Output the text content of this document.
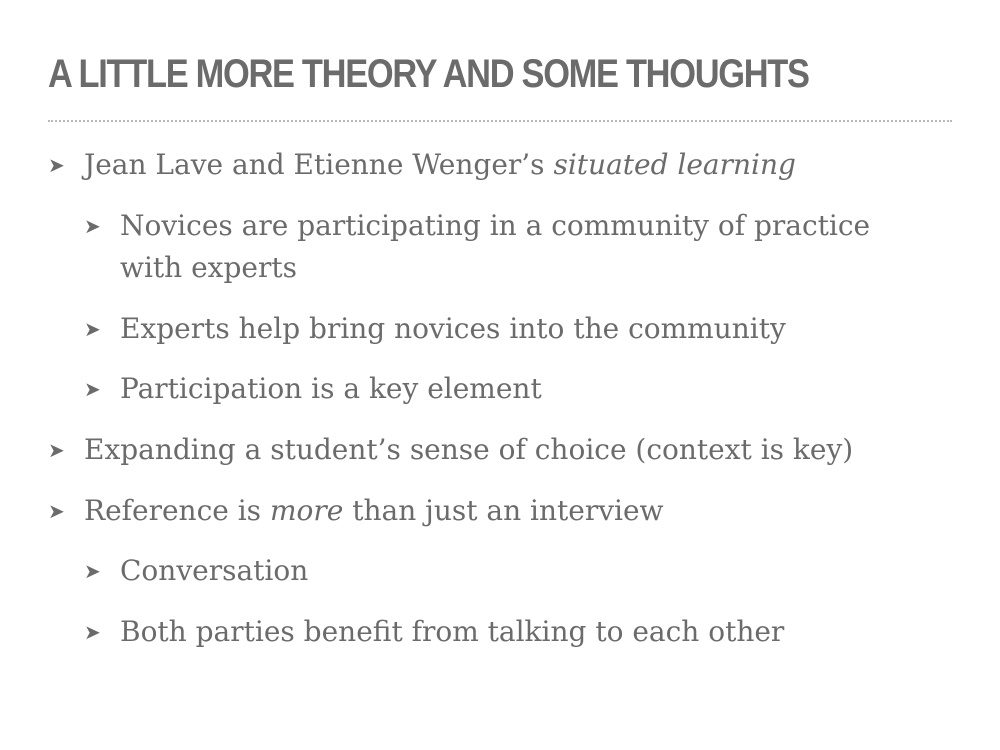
A LITTLE MORE THEORY AND SOME THOUGHTS
➤ Jean Lave and Etienne Wenger’s situated learning
➤ Novices are participating in a community of practice with experts
➤ Experts help bring novices into the community
➤ Participation is a key element
➤ Expanding a student’s sense of choice (context is key)
➤ Reference is more than just an interview
➤ Conversation
➤ Both parties benefit from talking to each other
